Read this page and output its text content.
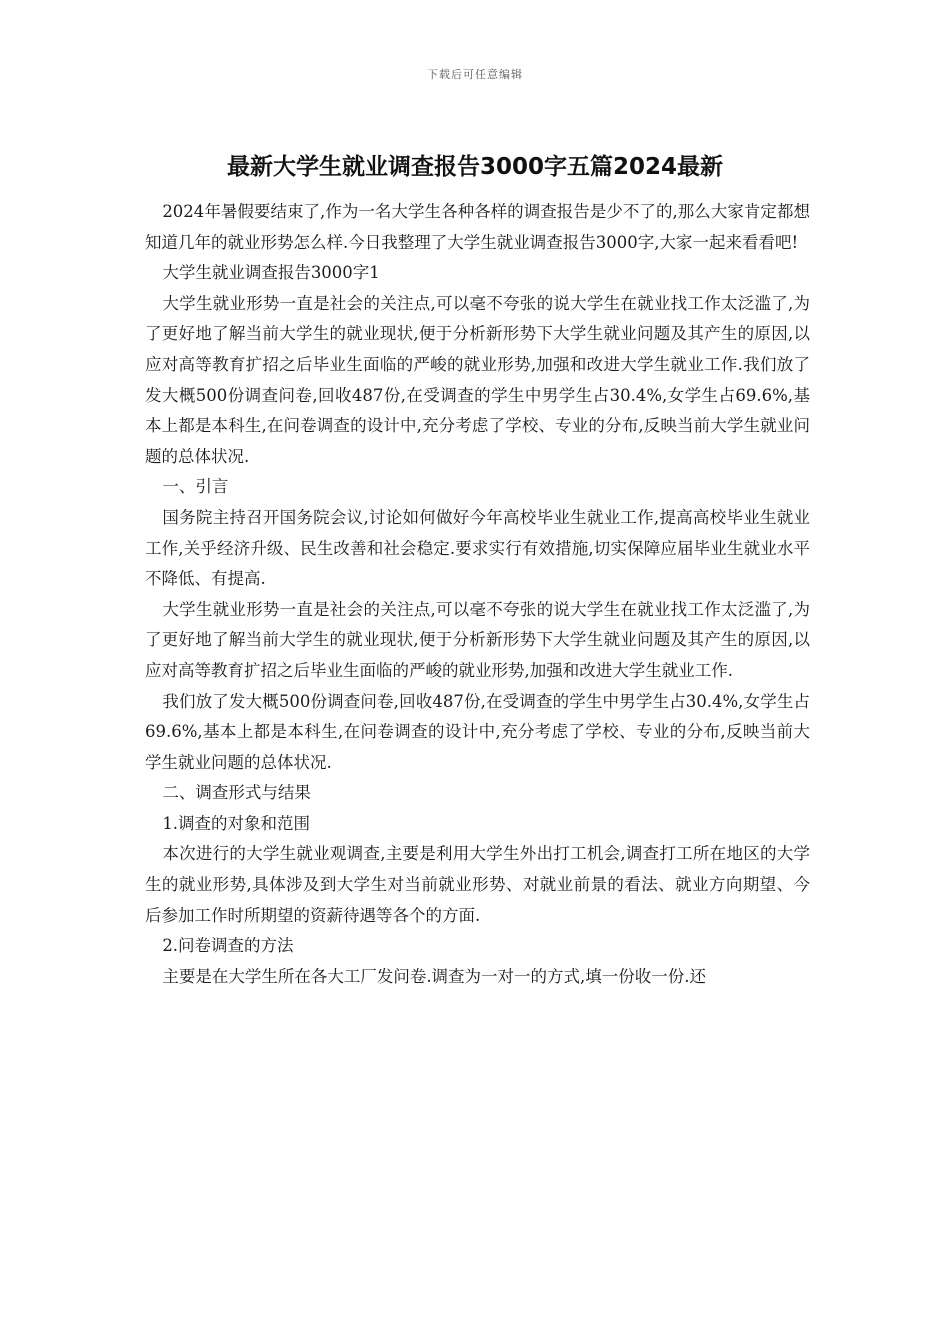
下载后可任意编辑
最新大学生就业调查报告3000字五篇2024最新

2024年暑假要结束了,作为一名大学生各种各样的调查报告是少不了的,那么大家肯定都想知道几年的就业形势怎么样.今日我整理了大学生就业调查报告3000字,大家一起来看看吧!

大学生就业调查报告3000字1

大学生就业形势一直是社会的关注点,可以毫不夸张的说大学生在就业找工作太泛滥了,为了更好地了解当前大学生的就业现状,便于分析新形势下大学生就业问题及其产生的原因,以应对高等教育扩招之后毕业生面临的严峻的就业形势,加强和改进大学生就业工作.我们放了发大概500份调查问卷,回收487份,在受调查的学生中男学生占30.4%,女学生占69.6%,基本上都是本科生,在问卷调查的设计中,充分考虑了学校、专业的分布,反映当前大学生就业问题的总体状况.

一、引言

国务院主持召开国务院会议,讨论如何做好今年高校毕业生就业工作,提高高校毕业生就业工作,关乎经济升级、民生改善和社会稳定.要求实行有效措施,切实保障应届毕业生就业水平不降低、有提高.

大学生就业形势一直是社会的关注点,可以毫不夸张的说大学生在就业找工作太泛滥了,为了更好地了解当前大学生的就业现状,便于分析新形势下大学生就业问题及其产生的原因,以应对高等教育扩招之后毕业生面临的严峻的就业形势,加强和改进大学生就业工作.

我们放了发大概500份调查问卷,回收487份,在受调查的学生中男学生占30.4%,女学生占69.6%,基本上都是本科生,在问卷调查的设计中,充分考虑了学校、专业的分布,反映当前大学生就业问题的总体状况.

二、调查形式与结果

1.调查的对象和范围

本次进行的大学生就业观调查,主要是利用大学生外出打工机会,调查打工所在地区的大学生的就业形势,具体涉及到大学生对当前就业形势、对就业前景的看法、就业方向期望、今后参加工作时所期望的资薪待遇等各个的方面.

2.问卷调查的方法

主要是在大学生所在各大工厂发问卷.调查为一对一的方式,填一份收一份.还
